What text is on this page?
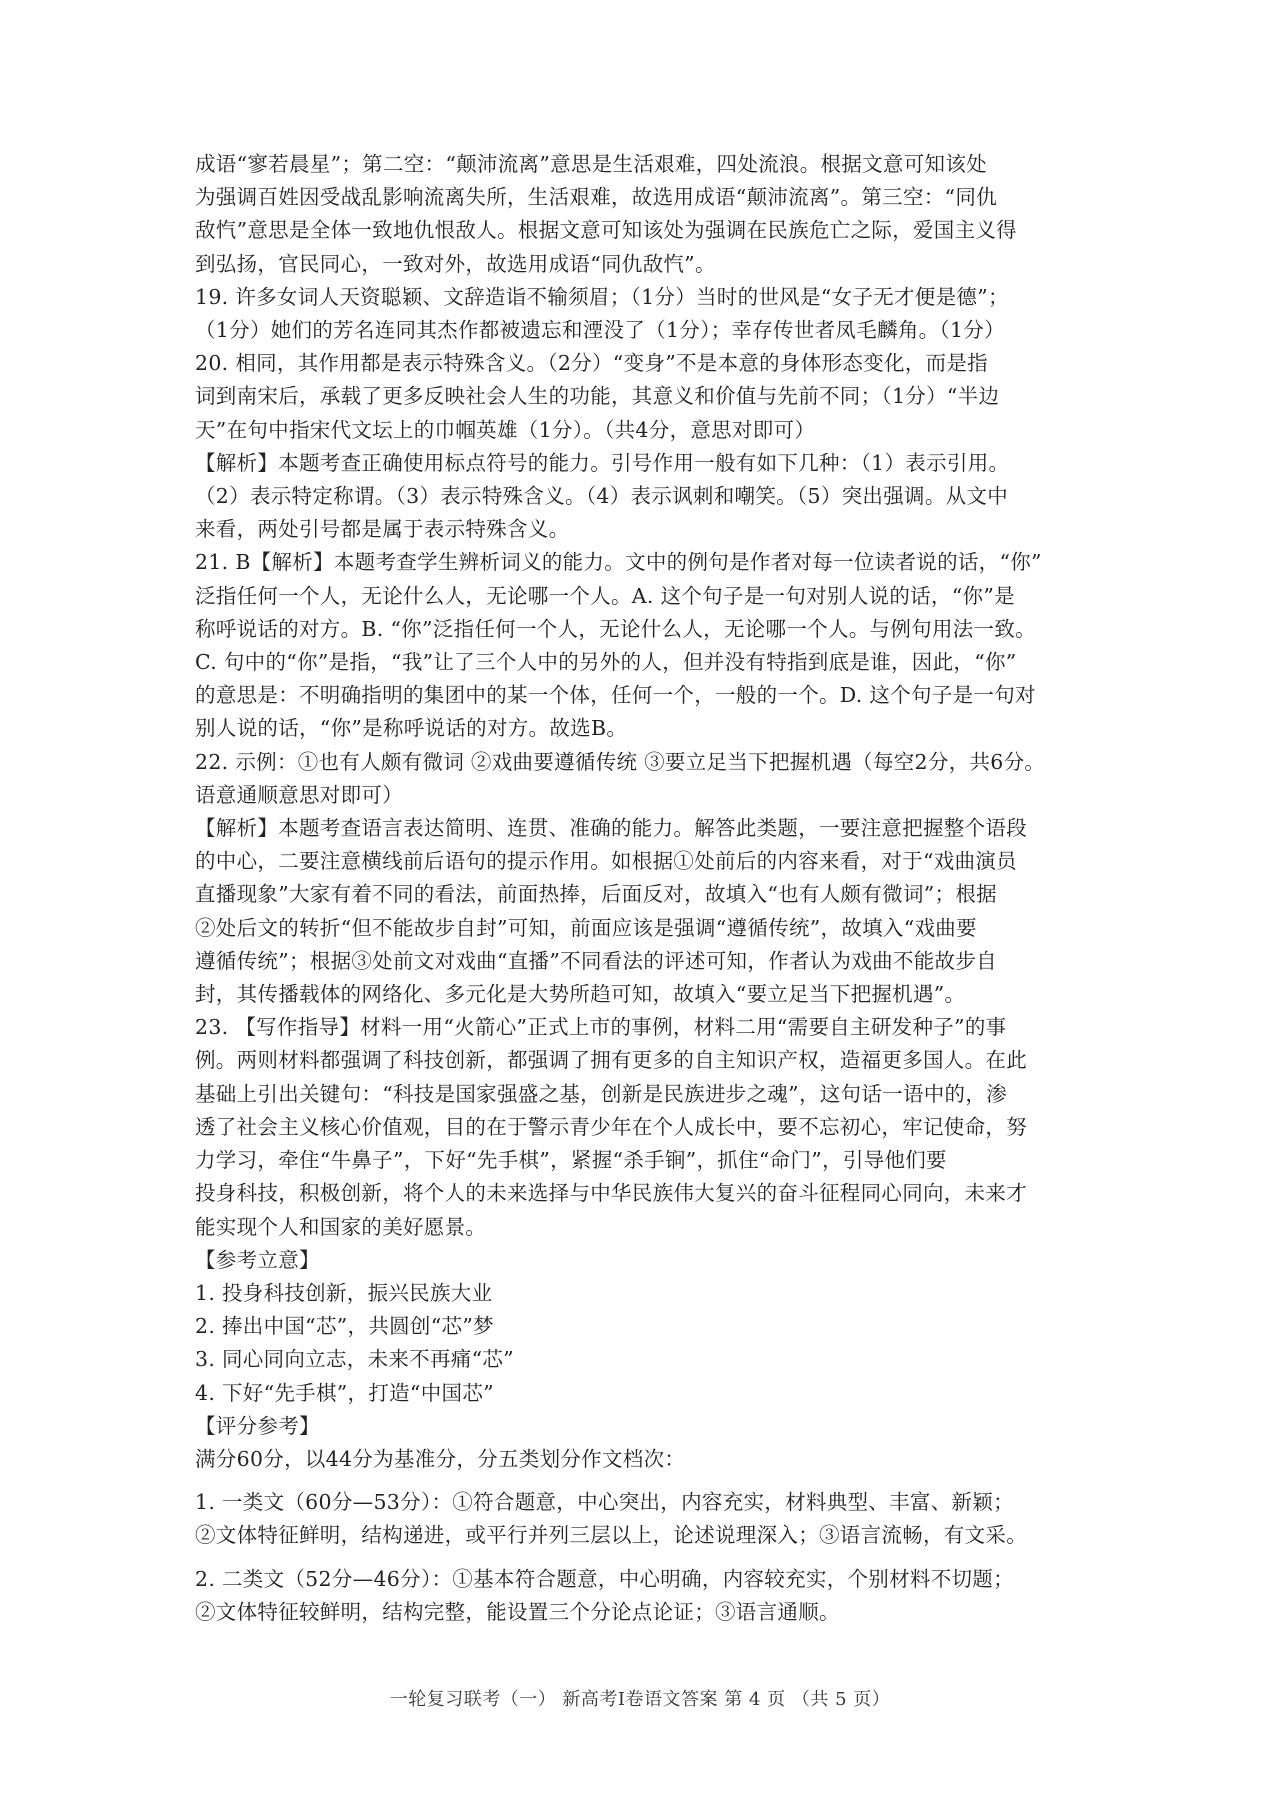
成语“寥若晨星”；第二空：“颠沛流离”意思是生活艰难，四处流浪。根据文意可知该处
为强调百姓因受战乱影响流离失所，生活艰难，故选用成语“颠沛流离”。第三空：“同仇
敌忾”意思是全体一致地仇恨敌人。根据文意可知该处为强调在民族危亡之际，爱国主义得
到弘扬，官民同心，一致对外，故选用成语“同仇敌忾”。
19. 许多女词人天资聪颖、文辞造诣不输须眉；（1分）当时的世风是“女子无才便是德”；
（1分）她们的芳名连同其杰作都被遗忘和湮没了（1分）；幸存传世者凤毛麟角。（1分）
20. 相同，其作用都是表示特殊含义。（2分）“变身”不是本意的身体形态变化，而是指
词到南宋后，承载了更多反映社会人生的功能，其意义和价值与先前不同；（1分）“半边
天”在句中指宋代文坛上的巾帼英雄（1分）。（共4分，意思对即可）
【解析】本题考查正确使用标点符号的能力。引号作用一般有如下几种：（1）表示引用。
（2）表示特定称谓。（3）表示特殊含义。（4）表示讽刺和嘲笑。（5）突出强调。从文中
来看，两处引号都是属于表示特殊含义。
21. B【解析】本题考查学生辨析词义的能力。文中的例句是作者对每一位读者说的话，“你”
泛指任何一个人，无论什么人，无论哪一个人。A. 这个句子是一句对别人说的话，“你”是
称呼说话的对方。B. “你”泛指任何一个人，无论什么人，无论哪一个人。与例句用法一致。
C. 句中的“你”是指，“我”让了三个人中的另外的人，但并没有特指到底是谁，因此，“你”
的意思是：不明确指明的集团中的某一个体，任何一个，一般的一个。D. 这个句子是一句对
别人说的话，“你”是称呼说话的对方。故选B。
22. 示例：①也有人颇有微词 ②戏曲要遵循传统 ③要立足当下把握机遇（每空2分，共6分。
语意通顺意思对即可）
【解析】本题考查语言表达简明、连贯、准确的能力。解答此类题，一要注意把握整个语段
的中心，二要注意横线前后语句的提示作用。如根据①处前后的内容来看，对于“戏曲演员
直播现象”大家有着不同的看法，前面热捧，后面反对，故填入“也有人颇有微词”；根据
②处后文的转折“但不能故步自封”可知，前面应该是强调“遵循传统”，故填入“戏曲要
遵循传统”；根据③处前文对戏曲“直播”不同看法的评述可知，作者认为戏曲不能故步自
封，其传播载体的网络化、多元化是大势所趋可知，故填入“要立足当下把握机遇”。
23. 【写作指导】材料一用“火箭心”正式上市的事例，材料二用“需要自主研发种子”的事
例。两则材料都强调了科技创新，都强调了拥有更多的自主知识产权，造福更多国人。在此
基础上引出关键句：“科技是国家强盛之基，创新是民族进步之魂”，这句话一语中的，渗
透了社会主义核心价值观，目的在于警示青少年在个人成长中，要不忘初心，牢记使命，努
力学习，牵住“牛鼻子”，下好“先手棋”，紧握“杀手锏”，抓住“命门”，引导他们要
投身科技，积极创新，将个人的未来选择与中华民族伟大复兴的奋斗征程同心同向，未来才
能实现个人和国家的美好愿景。
【参考立意】
1. 投身科技创新，振兴民族大业
2. 捧出中国“芯”，共圆创“芯”梦
3. 同心同向立志，未来不再痛“芯”
4. 下好“先手棋”，打造“中国芯”
【评分参考】
满分60分，以44分为基准分，分五类划分作文档次：
1. 一类文（60分—53分）：①符合题意，中心突出，内容充实，材料典型、丰富、新颖；
②文体特征鲜明，结构递进，或平行并列三层以上，论述说理深入；③语言流畅，有文采。
2. 二类文（52分—46分）：①基本符合题意，中心明确，内容较充实，个别材料不切题；
②文体特征较鲜明，结构完整，能设置三个分论点论证；③语言通顺。
一轮复习联考（一） 新高考Ⅰ卷语文答案 第 4 页 （共 5 页）
